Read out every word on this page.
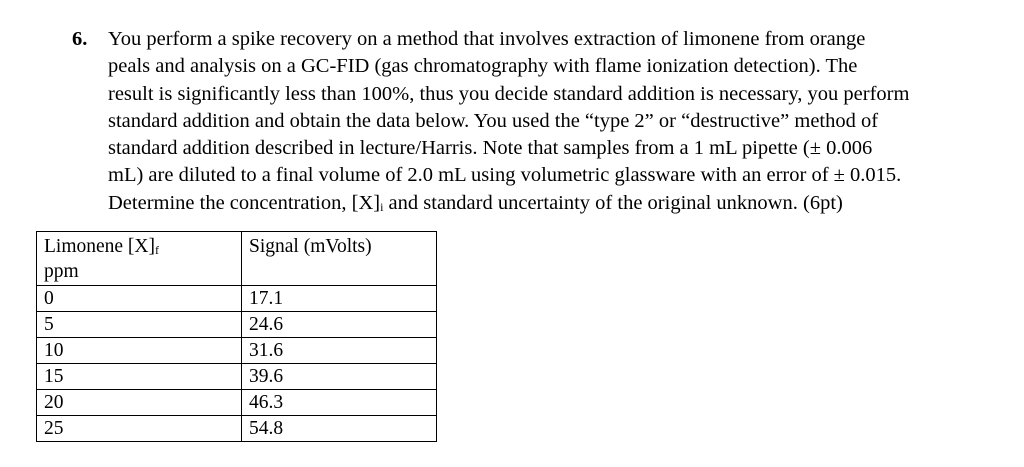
6. You perform a spike recovery on a method that involves extraction of limonene from orange
peals and analysis on a GC-FID (gas chromatography with flame ionization detection). The
result is significantly less than 100%, thus you decide standard addition is necessary, you perform
standard addition and obtain the data below. You used the “type 2” or “destructive” method of
standard addition described in lecture/Harris. Note that samples from a 1 mL pipette (± 0.006
mL) are diluted to a final volume of 2.0 mL using volumetric glassware with an error of ± 0.015.
Determine the concentration, $[X]_i$ and standard uncertainty of the original unknown. (6pt)
Limonene $[X]_f$
ppm	Signal (mVolts)
0	17.1
5	24.6
10	31.6
15	39.6
20	46.3
25	54.8
